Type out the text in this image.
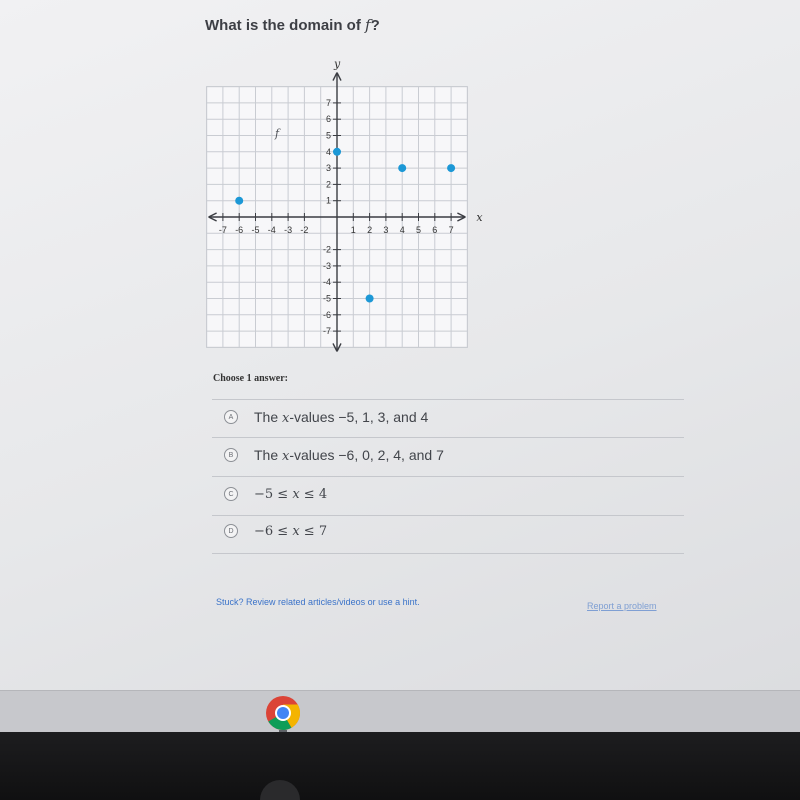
What is the domain of f?
-7 -6 -5 -4 -3 -2	1 2 3 4 5 6 7
7
6
5
4
3
2
1
-2
-3
-4
-5
-6
-7
x
y
f
Choose 1 answer:
A	The x-values −5, 1, 3, and 4
B	The x-values −6, 0, 2, 4, and 7
C	−5 ≤ x ≤ 4
D	−6 ≤ x ≤ 7
Stuck? Review related articles/videos or use a hint.	Report a problem
